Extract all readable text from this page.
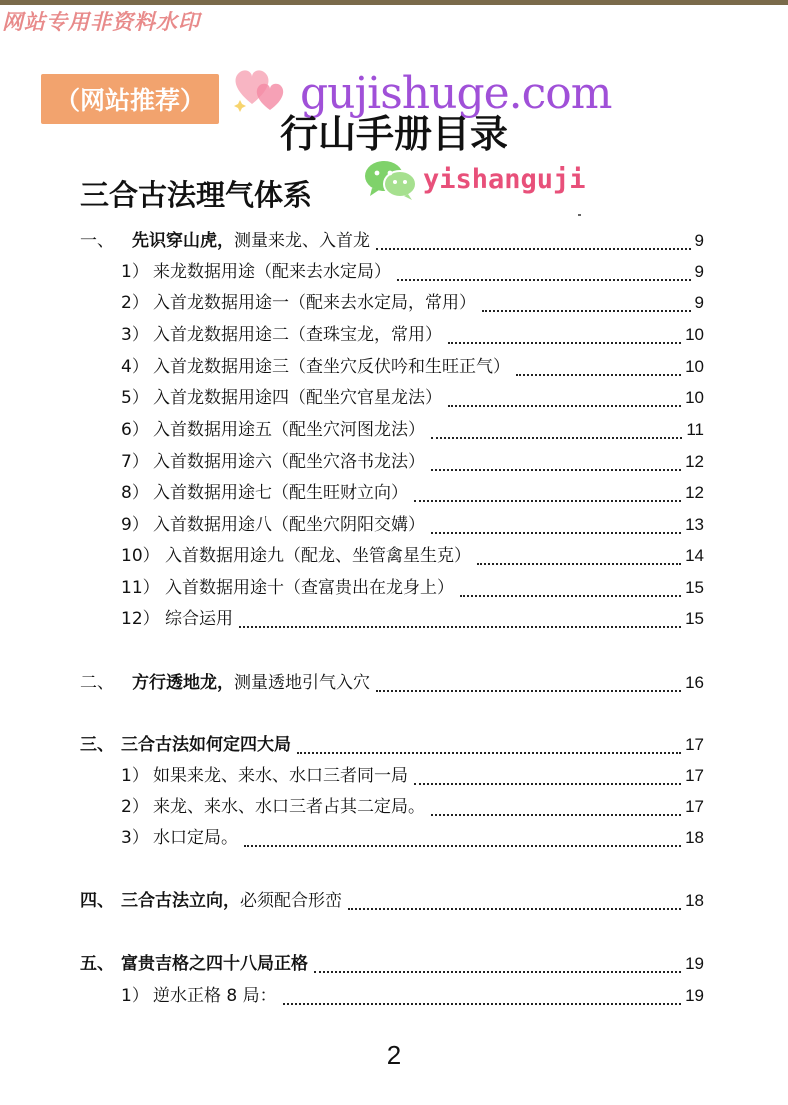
网站专用非资料水印
（网站推荐）	gujishuge.com
行山手册目录
三合古法理气体系	yishanguji
一、 先识穿山虎，测量来龙、入首龙	9
1） 来龙数据用途（配来去水定局）	9
2） 入首龙数据用途一（配来去水定局，常用）	9
3） 入首龙数据用途二（查珠宝龙，常用）	10
4） 入首龙数据用途三（查坐穴反伏吟和生旺正气）	10
5） 入首龙数据用途四（配坐穴官星龙法）	10
6） 入首数据用途五（配坐穴河图龙法）	11
7） 入首数据用途六（配坐穴洛书龙法）	12
8） 入首数据用途七（配生旺财立向）	12
9） 入首数据用途八（配坐穴阴阳交媾）	13
10） 入首数据用途九（配龙、坐管禽星生克）	14
11） 入首数据用途十（查富贵出在龙身上）	15
12） 综合运用	15
二、 方行透地龙，测量透地引气入穴	16
三、 三合古法如何定四大局	17
1） 如果来龙、来水、水口三者同一局	17
2） 来龙、来水、水口三者占其二定局。	17
3） 水口定局。	18
四、 三合古法立向，必须配合形峦	18
五、 富贵吉格之四十八局正格	19
1） 逆水正格 8 局：	19
2
